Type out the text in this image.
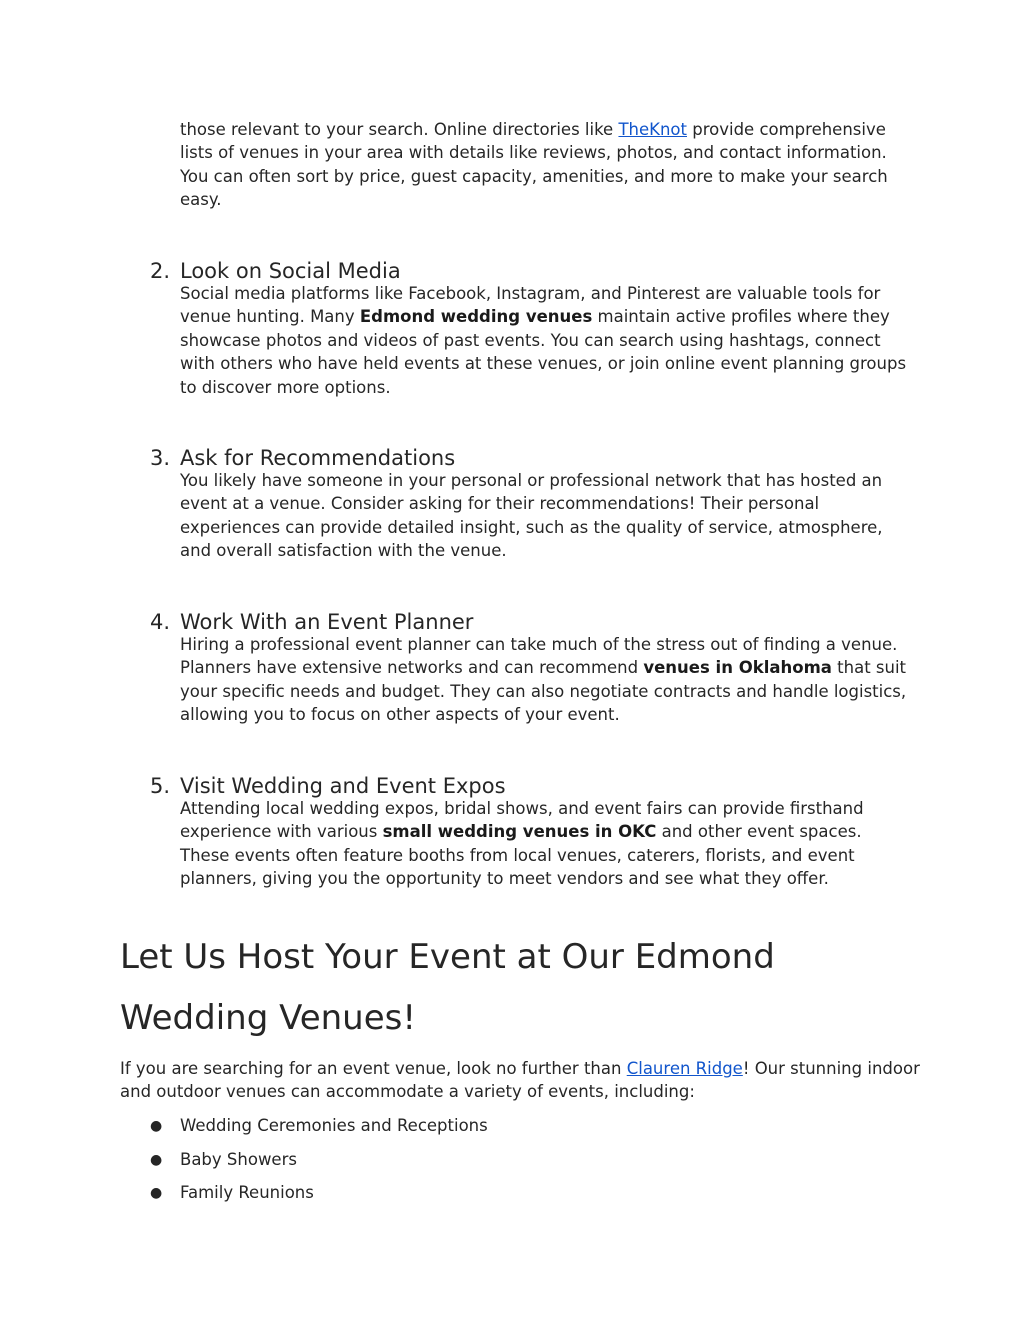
those relevant to your search. Online directories like TheKnot provide comprehensive lists of venues in your area with details like reviews, photos, and contact information. You can often sort by price, guest capacity, amenities, and more to make your search easy.

2. Look on Social Media

Social media platforms like Facebook, Instagram, and Pinterest are valuable tools for venue hunting. Many Edmond wedding venues maintain active profiles where they showcase photos and videos of past events. You can search using hashtags, connect with others who have held events at these venues, or join online event planning groups to discover more options.

3. Ask for Recommendations

You likely have someone in your personal or professional network that has hosted an event at a venue. Consider asking for their recommendations! Their personal experiences can provide detailed insight, such as the quality of service, atmosphere, and overall satisfaction with the venue.

4. Work With an Event Planner

Hiring a professional event planner can take much of the stress out of finding a venue. Planners have extensive networks and can recommend venues in Oklahoma that suit your specific needs and budget. They can also negotiate contracts and handle logistics, allowing you to focus on other aspects of your event.

5. Visit Wedding and Event Expos

Attending local wedding expos, bridal shows, and event fairs can provide firsthand experience with various small wedding venues in OKC and other event spaces. These events often feature booths from local venues, caterers, florists, and event planners, giving you the opportunity to meet vendors and see what they offer.

Let Us Host Your Event at Our Edmond
Wedding Venues!

If you are searching for an event venue, look no further than Clauren Ridge! Our stunning indoor and outdoor venues can accommodate a variety of events, including:

● Wedding Ceremonies and Receptions
● Baby Showers
● Family Reunions
